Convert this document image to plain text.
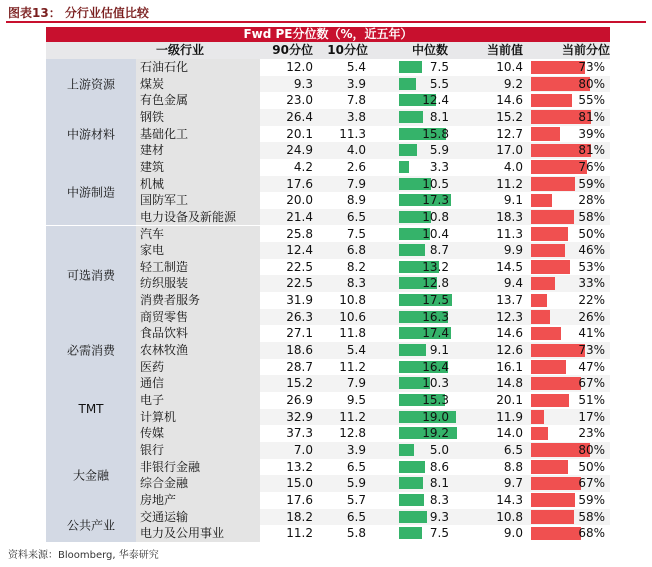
图表13： 分行业估值比较
Fwd PE分位数（%，近五年）
一级行业	90分位	10分位	中位数	当前值	当前分位
上游资源
石油石化	12.0	5.4	7.5	10.4	73%
煤炭	9.3	3.9	5.5	9.2	80%
有色金属	23.0	7.8	12.4	14.6	55%
中游材料
钢铁	26.4	3.8	8.1	15.2	81%
基础化工	20.1	11.3	15.8	12.7	39%
建材	24.9	4.0	5.9	17.0	81%
中游制造
建筑	4.2	2.6	3.3	4.0	76%
机械	17.6	7.9	10.5	11.2	59%
国防军工	20.0	8.9	17.3	9.1	28%
电力设备及新能源	21.4	6.5	10.8	18.3	58%
可选消费
汽车	25.8	7.5	10.4	11.3	50%
家电	12.4	6.8	8.7	9.9	46%
轻工制造	22.5	8.2	13.2	14.5	53%
纺织服装	22.5	8.3	12.8	9.4	33%
消费者服务	31.9	10.8	17.5	13.7	22%
商贸零售	26.3	10.6	16.3	12.3	26%
必需消费
食品饮料	27.1	11.8	17.4	14.6	41%
农林牧渔	18.6	5.4	9.1	12.6	73%
医药	28.7	11.2	16.4	16.1	47%
TMT
通信	15.2	7.9	10.3	14.8	67%
电子	26.9	9.5	15.3	20.1	51%
计算机	32.9	11.2	19.0	11.9	17%
传媒	37.3	12.8	19.2	14.0	23%
大金融
银行	7.0	3.9	5.0	6.5	80%
非银行金融	13.2	6.5	8.6	8.8	50%
综合金融	15.0	5.9	8.1	9.7	67%
房地产	17.6	5.7	8.3	14.3	59%
公共产业
交通运输	18.2	6.5	9.3	10.8	58%
电力及公用事业	11.2	5.8	7.5	9.0	68%
资料来源：Bloomberg, 华泰研究
